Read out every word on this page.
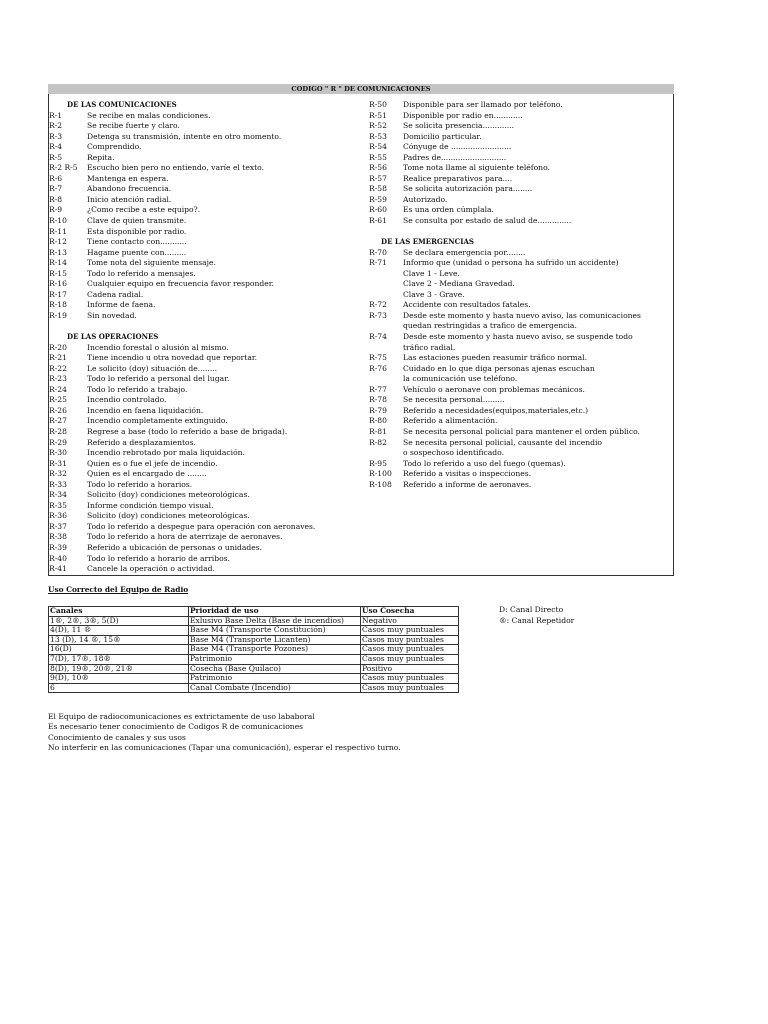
CODIGO " R " DE COMUNICACIONES
DE LAS COMUNICACIONES
R-1	Se recibe en malas condiciones.
R-2	Se recibe fuerte y claro.
R-3	Detenga su transmisión, intente en otro momento.
R-4	Comprendido.
R-5	Repita.
R-2 R-5	Escucho bien pero no entiendo, varíe el texto.
R-6	Mantenga en espera.
R-7	Abandono frecuencia.
R-8	Inicio atención radial.
R-9	¿Como recibe a este equipo?.
R-10	Clave de quien transmite.
R-11	Esta disponible por radio.
R-12	Tiene contacto con...........
R-13	Hagame puente con.........
R-14	Tome nota del siguiente mensaje.
R-15	Todo lo referido a mensajes.
R-16	Cualquier equipo en frecuencia favor responder.
R-17	Cadena radial.
R-18	Informe de faena.
R-19	Sin novedad.
DE LAS OPERACIONES
R-20	Incendio forestal o alusión al mismo.
R-21	Tiene incendio u otra novedad que reportar.
R-22	Le solicito (doy) situación de........
R-23	Todo lo referido a personal del lugar.
R-24	Todo lo referido a trabajo.
R-25	Incendio controlado.
R-26	Incendio en faena liquidación.
R-27	Incendio completamente extinguido.
R-28	Regrese a base (todo lo referido a base de brigada).
R-29	Referido a desplazamientos.
R-30	Incendio rebrotado por mala liquidación.
R-31	Quien es o fue el jefe de incendio.
R-32	Quien es el encargado de ........
R-33	Todo lo referido a horarios.
R-34	Solicito (doy) condiciones meteorológicas.
R-35	Informe condición tiempo visual.
R-36	Solicito (doy) condiciones meteorológicas.
R-37	Todo lo referido a despegue para operación con aeronaves.
R-38	Todo lo referido a hora de aterrizaje de aeronaves.
R-39	Referido a ubicación de personas o unidades.
R-40	Todo lo referido a horario de arribos.
R-41	Cancele la operación o actividad.
R-50	Disponible para ser llamado por teléfono.
R-51	Disponible por radio en............
R-52	Se solicita presencia.............
R-53	Domicilio particular.
R-54	Cónyuge de .........................
R-55	Padres de...........................
R-56	Tome nota llame al siguiente teléfono.
R-57	Realice preparativos para....
R-58	Se solicita autorización para........
R-59	Autorizado.
R-60	Es una orden cúmplala.
R-61	Se consulta por estado de salud de..............
DE LAS EMERGENCIAS
R-70	Se declara emergencia por........
R-71	Informo que (unidad o persona ha sufrido un accidente)
Clave 1 - Leve.
Clave 2 - Mediana Gravedad.
Clave 3 - Grave.
R-72	Accidente con resultados fatales.
R-73	Desde este momento y hasta nuevo aviso, las comunicaciones
quedan restringidas a trafico de emergencia.
R-74	Desde este momento y hasta nuevo aviso, se suspende todo
tráfico radial.
R-75	Las estaciones pueden reasumir tráfico normal.
R-76	Cuidado en lo que diga personas ajenas escuchan
la comunicación use teléfono.
R-77	Vehículo o aeronave con problemas mecánicos.
R-78	Se necesita personal.........
R-79	Referido a necesidades(equipos,materiales,etc.)
R-80	Referido a alimentación.
R-81	Se necesita personal policial para mantener el orden público.
R-82	Se necesita personal policial, causante del incendio
o sospechoso identificado.
R-95	Todo lo referido a uso del fuego (quemas).
R-100	Referido a visitas o inspecciones.
R-108	Referido a informe de aeronaves.
Uso Correcto del Equipo de Radio
Canales	Prioridad de uso	Uso Cosecha
1®, 2®, 3®, 5(D)	Exlusivo Base Delta (Base de incendios)	Negativo
4(D), 11 ®	Base M4 (Transporte Constitución)	Casos muy puntuales
13 (D), 14 ®, 15®	Base M4 (Transporte Licanten)	Casos muy puntuales
16(D)	Base M4 (Transporte Pozones)	Casos muy puntuales
7(D), 17®, 18®	Patrimonio	Casos muy puntuales
8(D), 19®, 20®, 21®	Cosecha (Base Quilaco)	Positivo
9(D), 10®	Patrimonio	Casos muy puntuales
6	Canal Combate (Incendio)	Casos muy puntuales
D: Canal Directo
®: Canal Repetidor
El Equipo de radiocomunicaciones es extrictamente de uso lababoral
Es necesario tener conocimiento de Codigos R de comunicaciones
Conocimiento de canales y sus usos
No interferir en las comunicaciones (Tapar una comunicación), esperar el respectivo turno.
